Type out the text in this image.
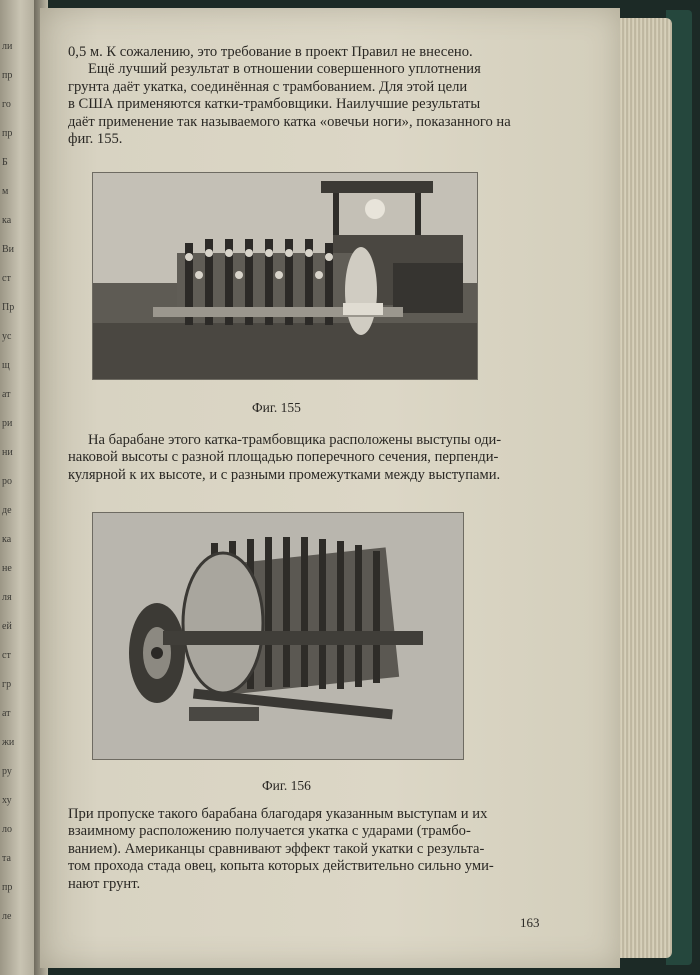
ли
пр
го
пр
Б
м
ка
Ви
ст
Пр
ус
щ
ат
ри
ни
ро
де
ка
не
ля
ей
ст
гр
ат
жи
ру
ху
ло
та
пр
ле

0,5 м. К сожалению, это требование в проект Правил не внесено.

Ещё лучший результат в отношении совершенного уплотнения

грунта даёт укатка, соединённая с трамбованием. Для этой цели

в США применяются катки-трамбовщики. Наилучшие результаты

даёт применение так называемого катка «овечьи ноги», показанного на

фиг. 155.

Фиг. 155

На барабане этого катка-трамбовщика расположены выступы оди-

наковой высоты с разной площадью поперечного сечения, перпенди-

кулярной к их высоте, и с разными промежутками между выступами.

Фиг. 156

При пропуске такого барабана благодаря указанным выступам и их

взаимному расположению получается укатка с ударами (трамбо-

ванием). Американцы сравнивают эффект такой укатки с результа-

том прохода стада овец, копыта которых действительно сильно уми-

нают грунт.

163
